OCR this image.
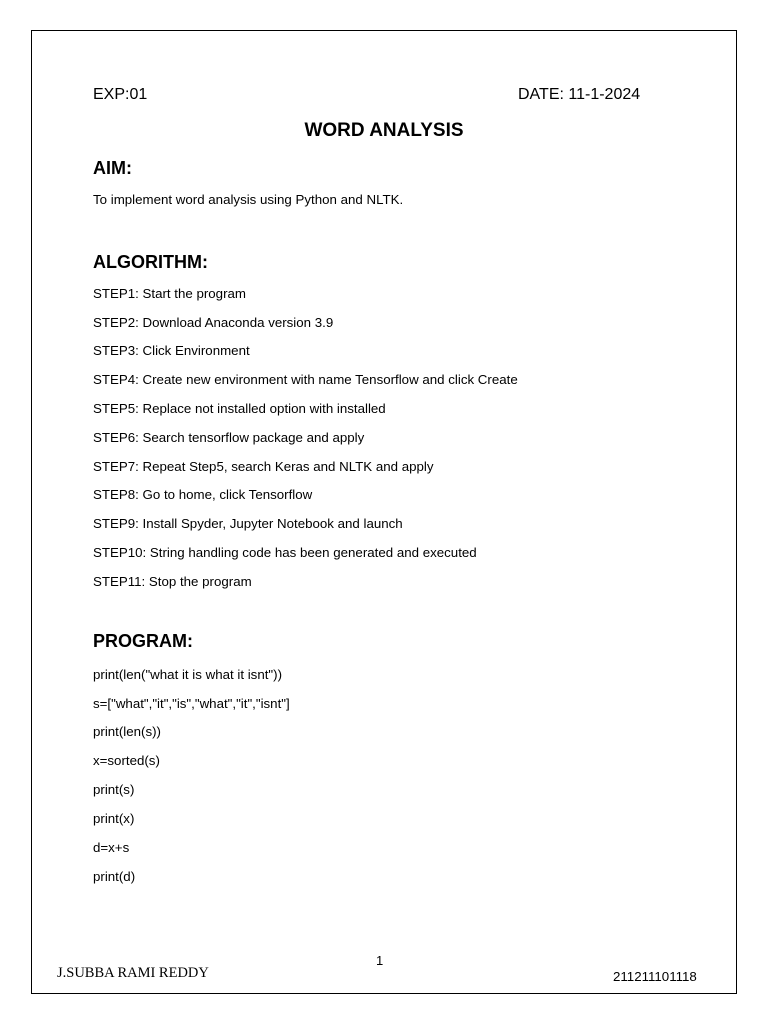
EXP:01	DATE: 11-1-2024
WORD ANALYSIS
AIM:
To implement word analysis using Python and NLTK.
ALGORITHM:
STEP1: Start the program
STEP2: Download Anaconda version 3.9
STEP3: Click Environment
STEP4: Create new environment with name Tensorflow and click Create
STEP5: Replace not installed option with installed
STEP6: Search tensorflow package and apply
STEP7: Repeat Step5, search Keras and NLTK and apply
STEP8: Go to home, click Tensorflow
STEP9: Install Spyder, Jupyter Notebook and launch
STEP10: String handling code has been generated and executed
STEP11: Stop the program
PROGRAM:
print(len("what it is what it isnt"))
s=["what","it","is","what","it","isnt"]
print(len(s))
x=sorted(s)
print(s)
print(x)
d=x+s
print(d)
1
J.SUBBA RAMI REDDY	211211101118
